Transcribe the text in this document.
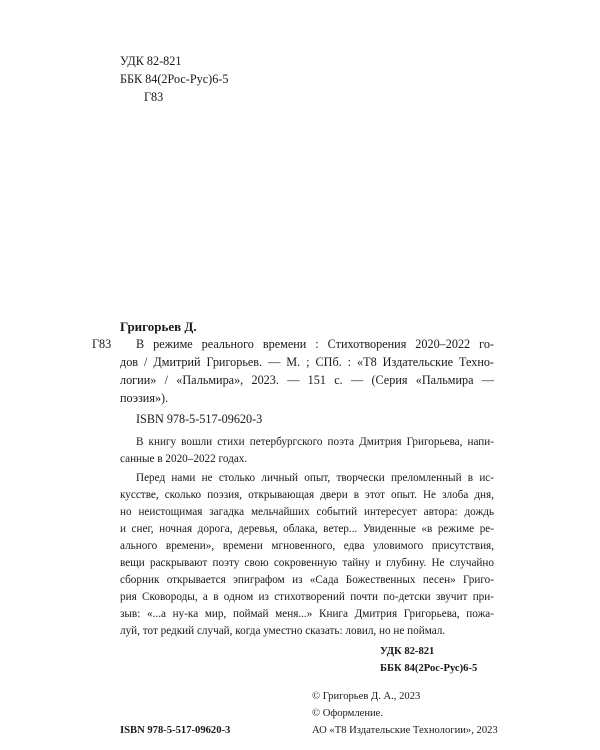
УДК 82-821
ББК 84(2Рос-Рус)6-5
Г83
Григорьев Д.
Г83 В режиме реального времени : Стихотворения 2020–2022 го-
дов / Дмитрий Григорьев. — М. ; СПб. : «Т8 Издательские Техно-
логии» / «Пальмира», 2023. — 151 с. — (Серия «Пальмира —
поэзия»).
ISBN 978-5-517-09620-3
В книгу вошли стихи петербургского поэта Дмитрия Григорьева, напи-
санные в 2020–2022 годах.
Перед нами не столько личный опыт, творчески преломленный в ис-
кусстве, сколько поэзия, открывающая двери в этот опыт. Не злоба дня,
но неистощимая загадка мельчайших событий интересует автора: дождь
и снег, ночная дорога, деревья, облака, ветер... Увиденные «в режиме ре-
ального времени», времени мгновенного, едва уловимого присутствия,
вещи раскрывают поэту свою сокровенную тайну и глубину. Не случайно
сборник открывается эпиграфом из «Сада Божественных песен» Григо-
рия Сковороды, а в одном из стихотворений почти по-детски звучит при-
зыв: «...а ну-ка мир, поймай меня...» Книга Дмитрия Григорьева, пожа-
луй, тот редкий случай, когда уместно сказать: ловил, но не поймал.
УДК 82-821
ББК 84(2Рос-Рус)6-5
© Григорьев Д. А., 2023
© Оформление.
АО «Т8 Издательские Технологии», 2023
ISBN 978-5-517-09620-3
